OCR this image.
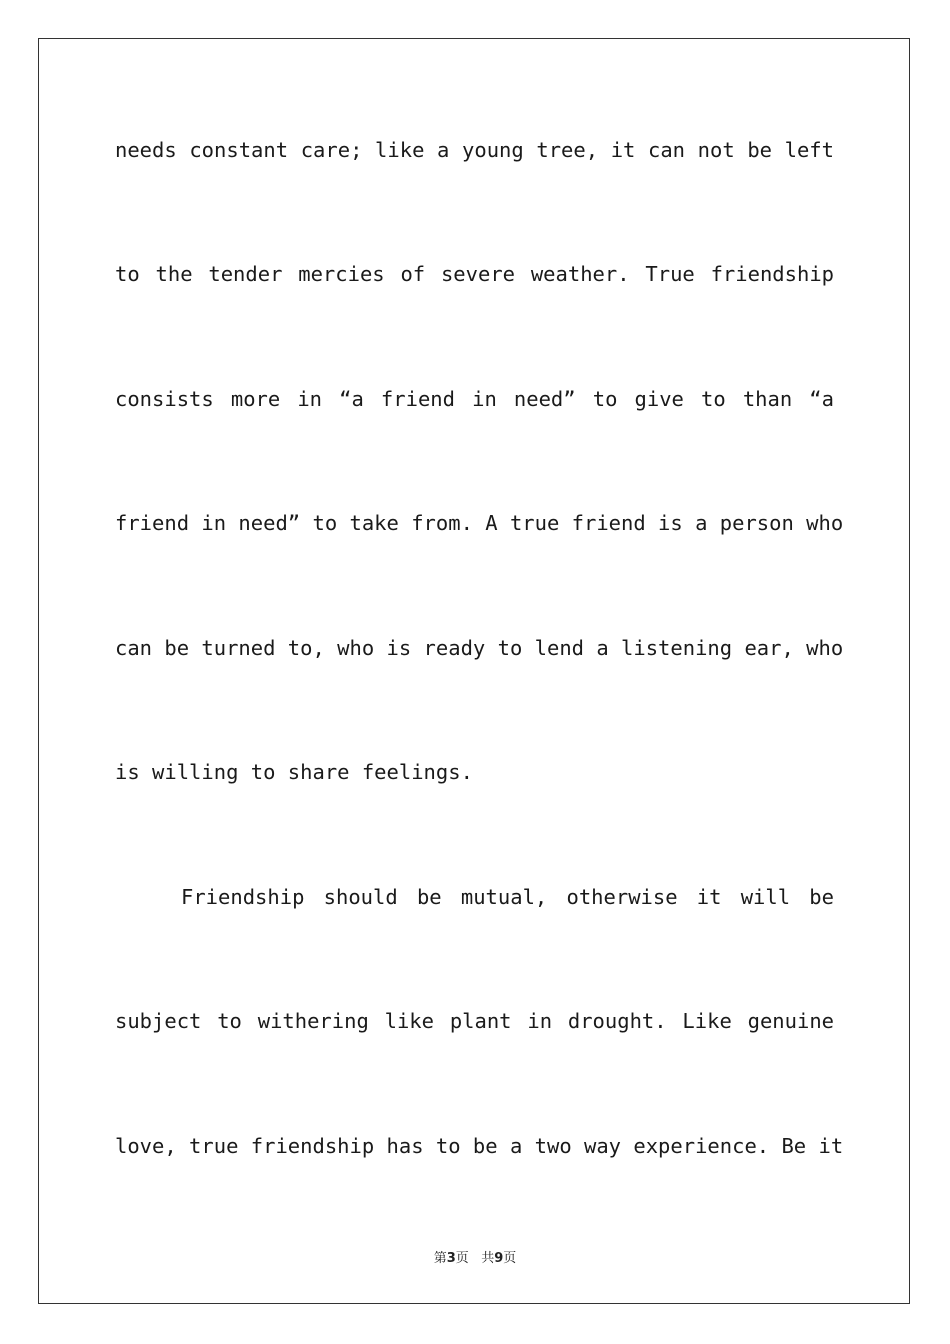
needs constant care; like a young tree, it can not be left
to the tender mercies of severe weather. True friendship
consists more in “a friend in need” to give to than “a
friend in need” to take from. A true friend is a person who
can be turned to, who is ready to lend a listening ear, who
is willing to share feelings.
Friendship should be mutual, otherwise it will be
subject to withering like plant in drought. Like genuine
love, true friendship has to be a two way experience. Be it
第3页 共9页
